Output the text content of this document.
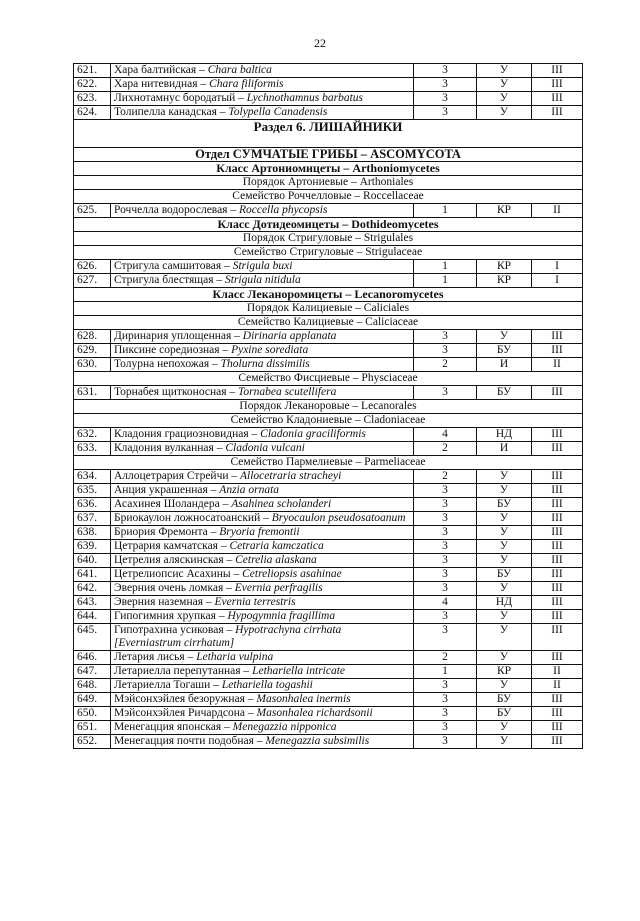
22
621.	Хара балтийская – Chara baltica	3	У	III
622.	Хара нитевидная – Chara filiformis	3	У	III
623.	Лихнотамнус бородатый – Lychnothamnus barbatus	3	У	III
624.	Толипелла канадская – Tolypella Canadensis	3	У	III
Раздел 6. ЛИШАЙНИКИ				
Отдел СУМЧАТЫЕ ГРИБЫ – ASCOMYCOTA				
Класс Артониомицеты – Arthoniomycetes				
Порядок Артониевые – Arthoniales				
Семейство Роччелловые – Roccellaceae				
625.	Роччелла водорослевая – Roccella phycopsis	1	КР	II
Класс Дотидеомицеты – Dothideomycetes				
Порядок Стригуловые – Strigulales				
Семейство Стригуловые – Strigulaceae				
626.	Стригула самшитовая – Strigula buxi	1	КР	I
627.	Стригула блестящая – Strigula nitidula	1	КР	I
Класс Леканоромицеты – Lecanoromycetes				
Порядок Калициевые – Caliciales				
Семейство Калициевые – Caliciaceae				
628.	Диринария уплощенная – Dirinaria applanata	3	У	III
629.	Пиксине соредиозная – Pyxine sorediata	3	БУ	III
630.	Толурна непохожая – Tholurna dissimilis	2	И	II
Семейство Фисциевые – Physciaceae				
631.	Торнабея щитконосная – Tornabea scutellifera	3	БУ	III
Порядок Леканоровые – Lecanorales				
Семейство Кладониевые – Cladoniaceae				
632.	Кладония грациозновидная – Cladonia graciliformis	4	НД	III
633.	Кладония вулканная – Cladonia vulcani	2	И	III
Семейство Пармелиевые – Parmeliaceae				
634.	Аллоцетрария Стрейчи – Allocetraria stracheyi	2	У	III
635.	Анция украшенная – Anzia ornata	3	У	III
636.	Асахинея Шоландера – Asahinea scholanderi	3	БУ	III
637.	Бриокаулон ложносатоанский – Bryocaulon pseudosatoanum	3	У	III
638.	Бриория Фремонта – Bryoria fremontii	3	У	III
639.	Цетрария камчатская – Cetraria kamczatica	3	У	III
640.	Цетрелия аляскинская – Cetrelia alaskana	3	У	III
641.	Цетрелиопсис Асахины – Cetreliopsis asahinae	3	БУ	III
642.	Эверния очень ломкая – Evernia perfragilis	3	У	III
643.	Эверния наземная – Evernia terrestris	4	НД	III
644.	Гипогимния хрупкая – Hypogymnia fragillima	3	У	III
645.	Гипотрахина усиковая – Hypotrachyna cirrhata [Everniastrum cirrhatum]	3	У	III
646.	Летария лисья – Letharia vulpina	2	У	III
647.	Летариелла перепутанная – Lethariella intricate	1	КР	II
648.	Летариелла Тогаши – Lethariella togashii	3	У	II
649.	Мэйсонхэйлея безоружная – Masonhalea inermis	3	БУ	III
650.	Мэйсонхэйлея Ричардсона – Masonhalea richardsonii	3	БУ	III
651.	Менегацция японская – Menegazzia nipponica	3	У	III
652.	Менегацция почти подобная – Menegazzia subsimilis	3	У	III
